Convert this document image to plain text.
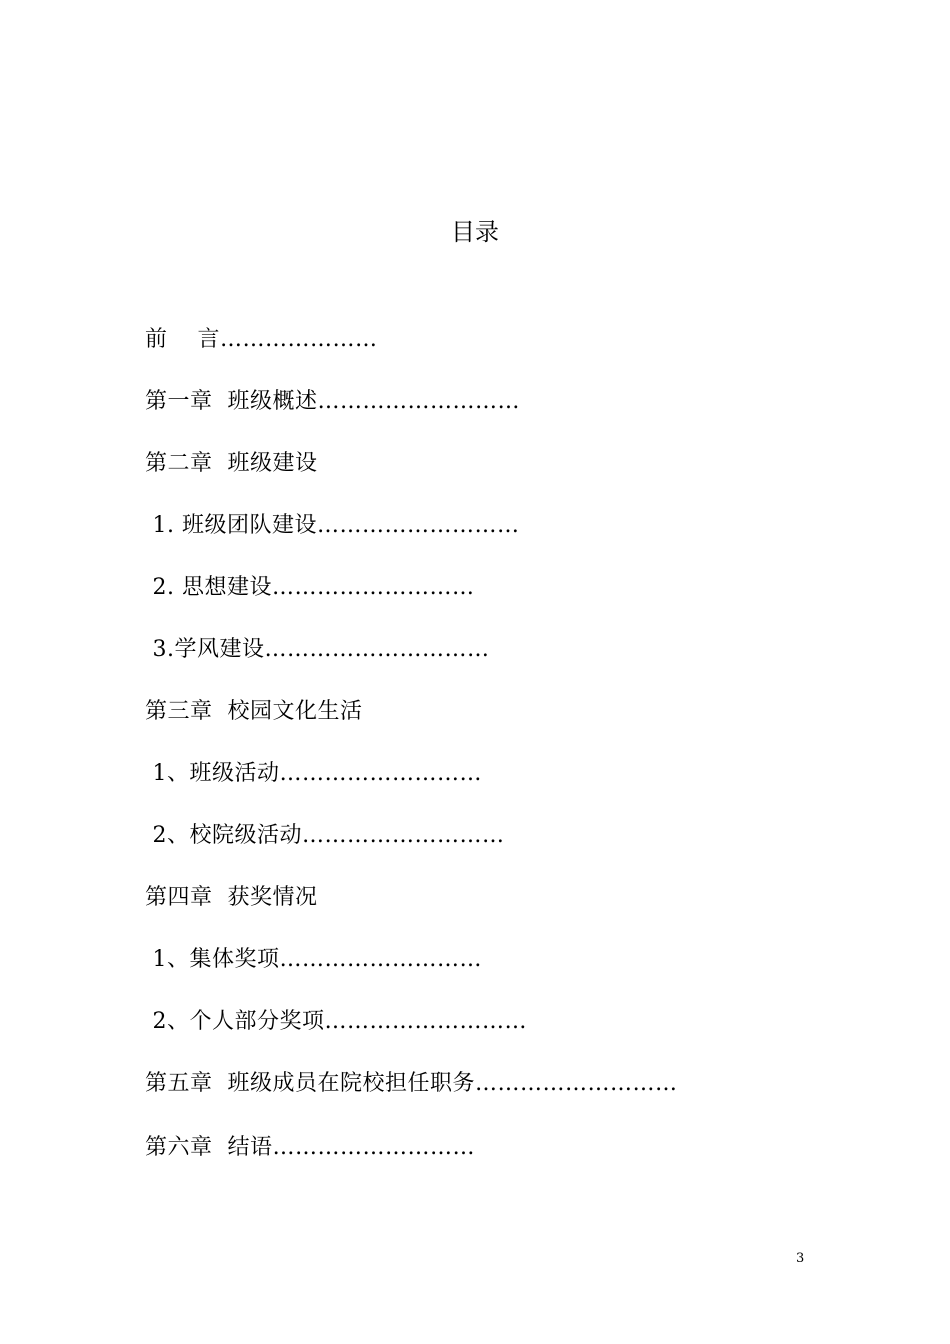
目录
前    言…………………
第一章  班级概述………………………
第二章  班级建设
1. 班级团队建设………………………
2. 思想建设………………………
3.学风建设…………………………
第三章  校园文化生活
1、班级活动………………………
2、校院级活动………………………
第四章  获奖情况
1、集体奖项………………………
2、个人部分奖项………………………
第五章  班级成员在院校担任职务………………………
第六章  结语………………………
3
